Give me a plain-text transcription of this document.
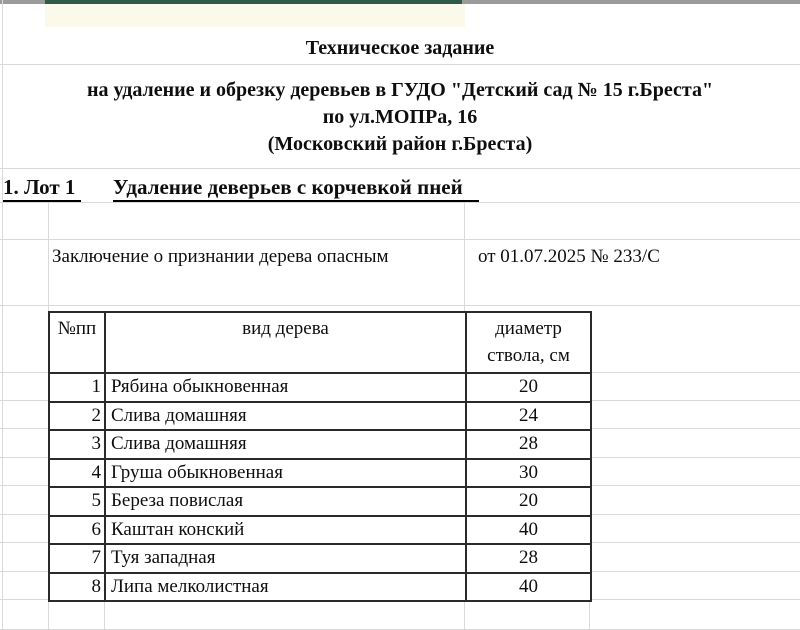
Техническое задание
на удаление и обрезку деревьев в ГУДО "Детский сад № 15 г.Бреста"
по ул.МОПРа, 16
(Московский район г.Бреста)
1. Лот 1 Удаление деверьев с корчевкой пней
Заключение о признании дерева опасным	от 01.07.2025 № 233/С
№пп	вид дерева	диаметр
ствола, см
1	Рябина обыкновенная	20
2	Слива домашняя	24
3	Слива домашняя	28
4	Груша обыкновенная	30
5	Береза повислая	20
6	Каштан конский	40
7	Туя западная	28
8	Липа мелколистная	40
